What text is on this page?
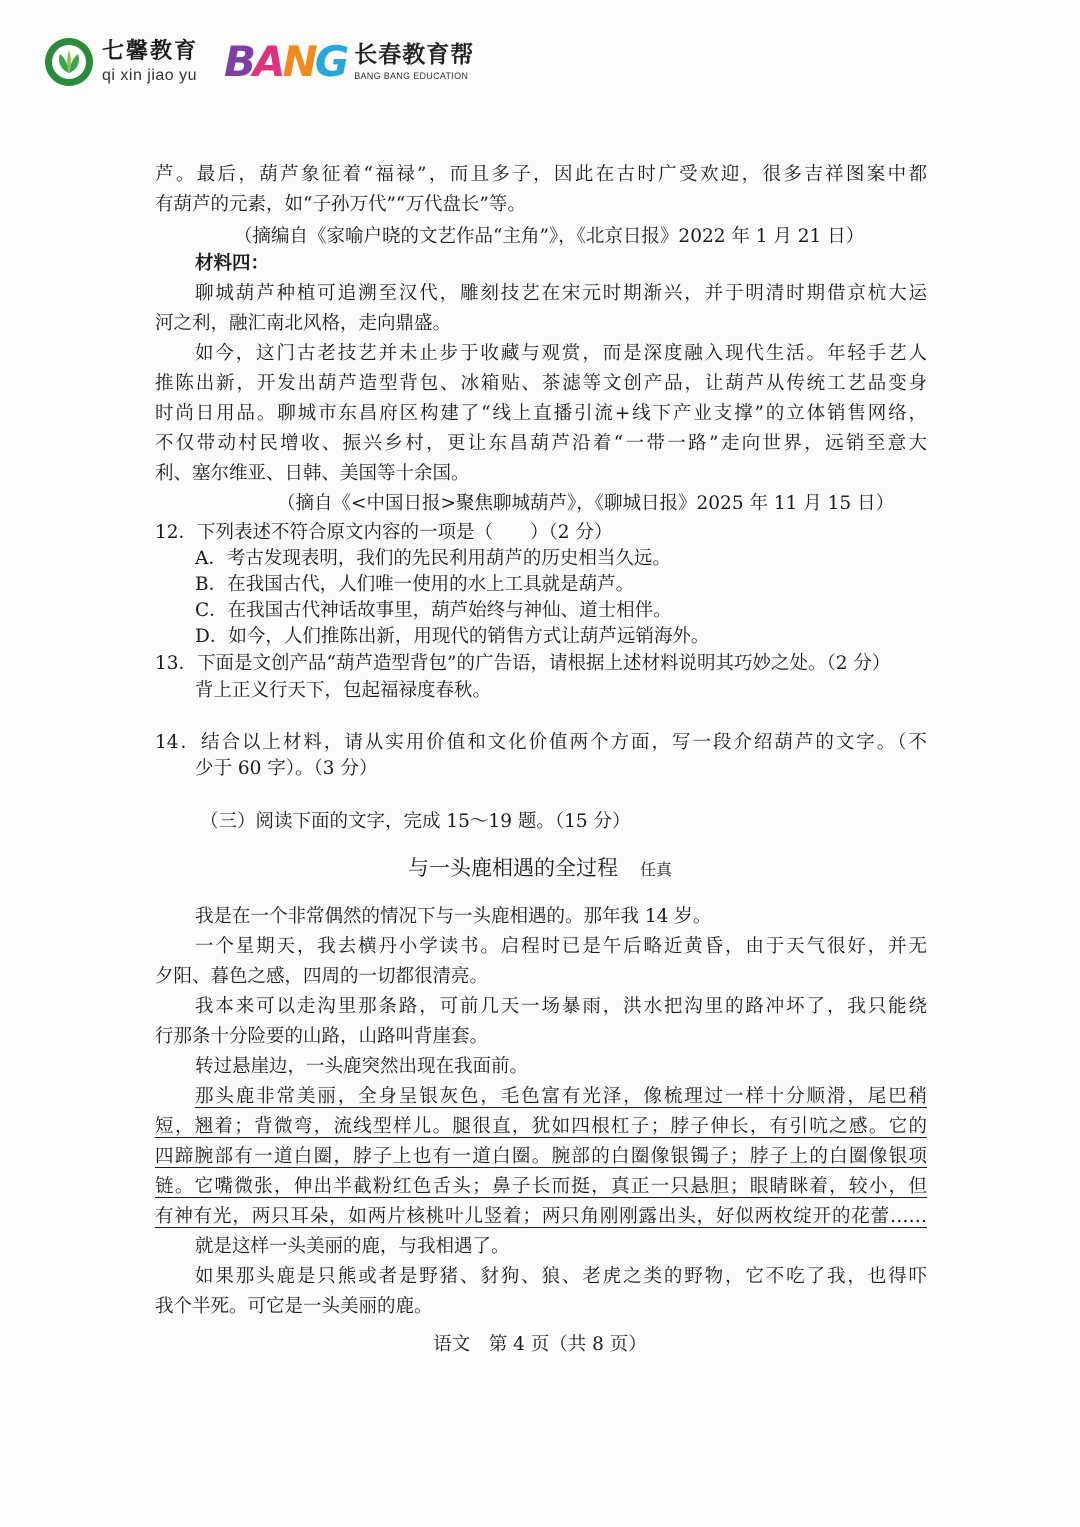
七馨教育
qi xin jiao yu BANG 长春教育帮
BANG BANG EDUCATION
芦。最后，葫芦象征着“福禄”，而且多子，因此在古时广受欢迎，很多吉祥图案中都
有葫芦的元素，如“子孙万代”“万代盘长”等。
（摘编自《家喻户晓的文艺作品“主角”》，《北京日报》2022 年 1 月 21 日）
材料四：
聊城葫芦种植可追溯至汉代，雕刻技艺在宋元时期渐兴，并于明清时期借京杭大运
河之利，融汇南北风格，走向鼎盛。
如今，这门古老技艺并未止步于收藏与观赏，而是深度融入现代生活。年轻手艺人
推陈出新，开发出葫芦造型背包、冰箱贴、茶滤等文创产品，让葫芦从传统工艺品变身
时尚日用品。聊城市东昌府区构建了“线上直播引流+线下产业支撑”的立体销售网络，
不仅带动村民增收、振兴乡村，更让东昌葫芦沿着“一带一路”走向世界，远销至意大
利、塞尔维亚、日韩、美国等十余国。
（摘自《<中国日报>聚焦聊城葫芦》，《聊城日报》2025 年 11 月 15 日）
12．下列表述不符合原文内容的一项是（　　）（2 分）
A．考古发现表明，我们的先民利用葫芦的历史相当久远。
B．在我国古代，人们唯一使用的水上工具就是葫芦。
C．在我国古代神话故事里，葫芦始终与神仙、道士相伴。
D．如今，人们推陈出新，用现代的销售方式让葫芦远销海外。
13．下面是文创产品“葫芦造型背包”的广告语，请根据上述材料说明其巧妙之处。（2 分）
背上正义行天下，包起福禄度春秋。
14．结合以上材料，请从实用价值和文化价值两个方面，写一段介绍葫芦的文字。（不
少于 60 字）。（3 分）
（三）阅读下面的文字，完成 15～19 题。（15 分）
与一头鹿相遇的全过程 任真
我是在一个非常偶然的情况下与一头鹿相遇的。那年我 14 岁。
一个星期天，我去横丹小学读书。启程时已是午后略近黄昏，由于天气很好，并无
夕阳、暮色之感，四周的一切都很清亮。
我本来可以走沟里那条路，可前几天一场暴雨，洪水把沟里的路冲坏了，我只能绕
行那条十分险要的山路，山路叫背崖套。
转过悬崖边，一头鹿突然出现在我面前。
那头鹿非常美丽，全身呈银灰色，毛色富有光泽，像梳理过一样十分顺滑，尾巴稍
短，翘着；背微弯，流线型样儿。腿很直，犹如四根杠子；脖子伸长，有引吭之感。它的
四蹄腕部有一道白圈，脖子上也有一道白圈。腕部的白圈像银镯子；脖子上的白圈像银项
链。它嘴微张，伸出半截粉红色舌头；鼻子长而挺，真正一只悬胆；眼睛眯着，较小，但
有神有光，两只耳朵，如两片核桃叶儿竖着；两只角刚刚露出头，好似两枚绽开的花蕾……
就是这样一头美丽的鹿，与我相遇了。
如果那头鹿是只熊或者是野猪、豺狗、狼、老虎之类的野物，它不吃了我，也得吓
我个半死。可它是一头美丽的鹿。
语文　第 4 页（共 8 页）
